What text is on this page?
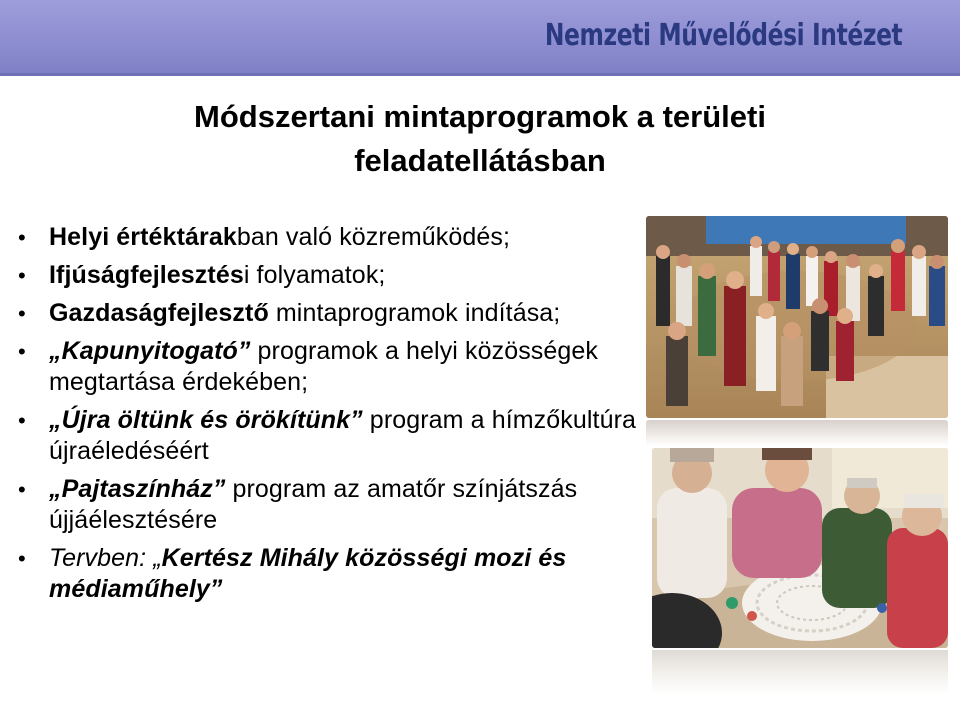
Nemzeti Művelődési Intézet
Módszertani mintaprogramok a területi
feladatellátásban
• Helyi értéktárakban való közreműködés;
• Ifjúságfejlesztési folyamatok;
• Gazdaságfejlesztő mintaprogramok indítása;
• „Kapunyitogató” programok a helyi közösségek megtartása érdekében;
• „Újra öltünk és örökítünk” program a hímzőkultúra újraéledéséért
• „Pajtaszínház” program az amatőr színjátszás újjáélesztésére
• Tervben: „Kertész Mihály közösségi mozi és médiaműhely”
